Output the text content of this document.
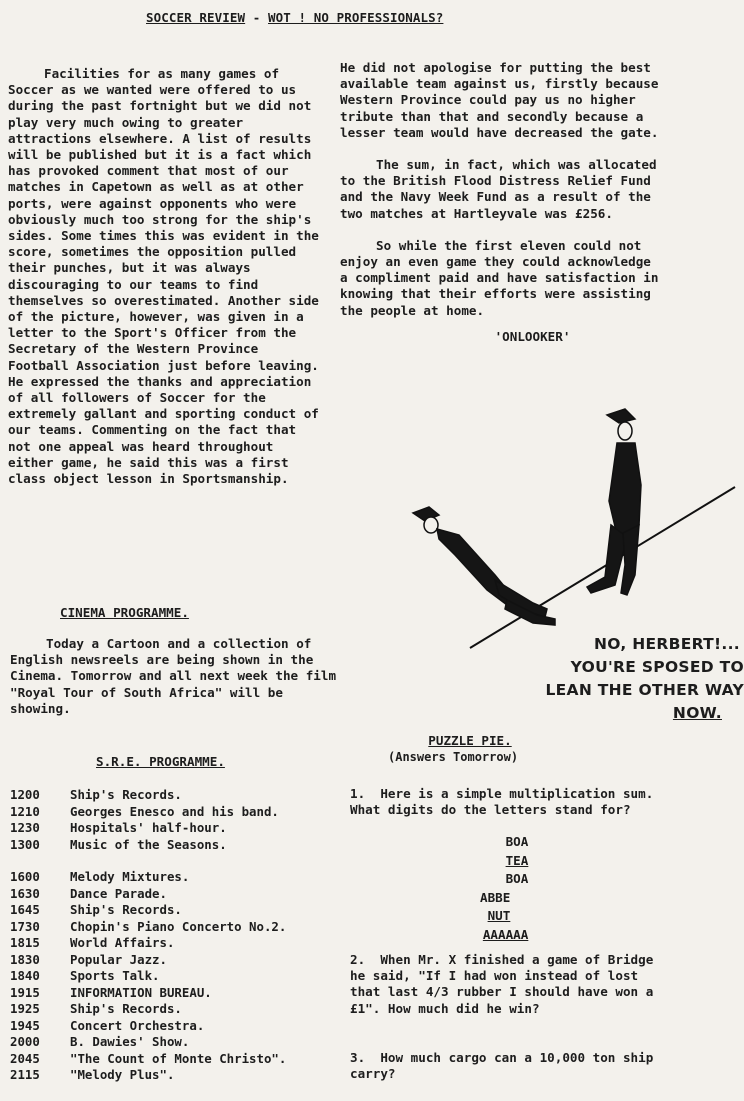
SOCCER REVIEW - WOT ! NO PROFESSIONALS?

Facilities for as many games of Soccer as we wanted were offered to us during the past fortnight but we did not play very much owing to greater attractions elsewhere. A list of results will be published but it is a fact which has provoked comment that most of our matches in Capetown as well as at other ports, were against opponents who were obviously much too strong for the ship's sides. Some times this was evident in the score, sometimes the opposition pulled their punches, but it was always discouraging to our teams to find themselves so overestimated. Another side of the picture, however, was given in a letter to the Sport's Officer from the Secretary of the Western Province Football Association just before leaving. He expressed the thanks and appreciation of all followers of Soccer for the extremely gallant and sporting conduct of our teams. Commenting on the fact that not one appeal was heard throughout either game, he said this was a first class object lesson in Sportsmanship.

He did not apologise for putting the best available team against us, firstly because Western Province could pay us no higher tribute than that and secondly because a lesser team would have decreased the gate.

The sum, in fact, which was allocated to the British Flood Distress Relief Fund and the Navy Week Fund as a result of the two matches at Hartleyvale was £256.

So while the first eleven could not enjoy an even game they could acknowledge a compliment paid and have satisfaction in knowing that their efforts were assisting the people at home.

'ONLOOKER'

NO, HERBERT!...
YOU'RE SPOSED TO
LEAN THE OTHER WAY
NOW.
CINEMA PROGRAMME.

Today a Cartoon and a collection of English newsreels are being shown in the Cinema. Tomorrow and all next week the film "Royal Tour of South Africa" will be showing.

S.R.E. PROGRAMME.
1200	Ship's Records.
1210	Georges Enesco and his band.
1230	Hospitals' half-hour.
1300	Music of the Seasons.
1600	Melody Mixtures.
1630	Dance Parade.
1645	Ship's Records.
1730	Chopin's Piano Concerto No.2.
1815	World Affairs.
1830	Popular Jazz.
1840	Sports Talk.
1915	INFORMATION BUREAU.
1925	Ship's Records.
1945	Concert Orchestra.
2000	B. Dawies' Show.
2045	"The Count of Monte Christo".
2115	"Melody Plus".
PUZZLE PIE.
(Answers Tomorrow)
1. Here is a simple multiplication sum. What digits do the letters stand for?
BOA
TEA
BOA
ABBE
NUT
AAAAAA
2. When Mr. X finished a game of Bridge he said, "If I had won instead of lost that last 4/3 rubber I should have won a £1". How much did he win?
3. How much cargo can a 10,000 ton ship carry?
